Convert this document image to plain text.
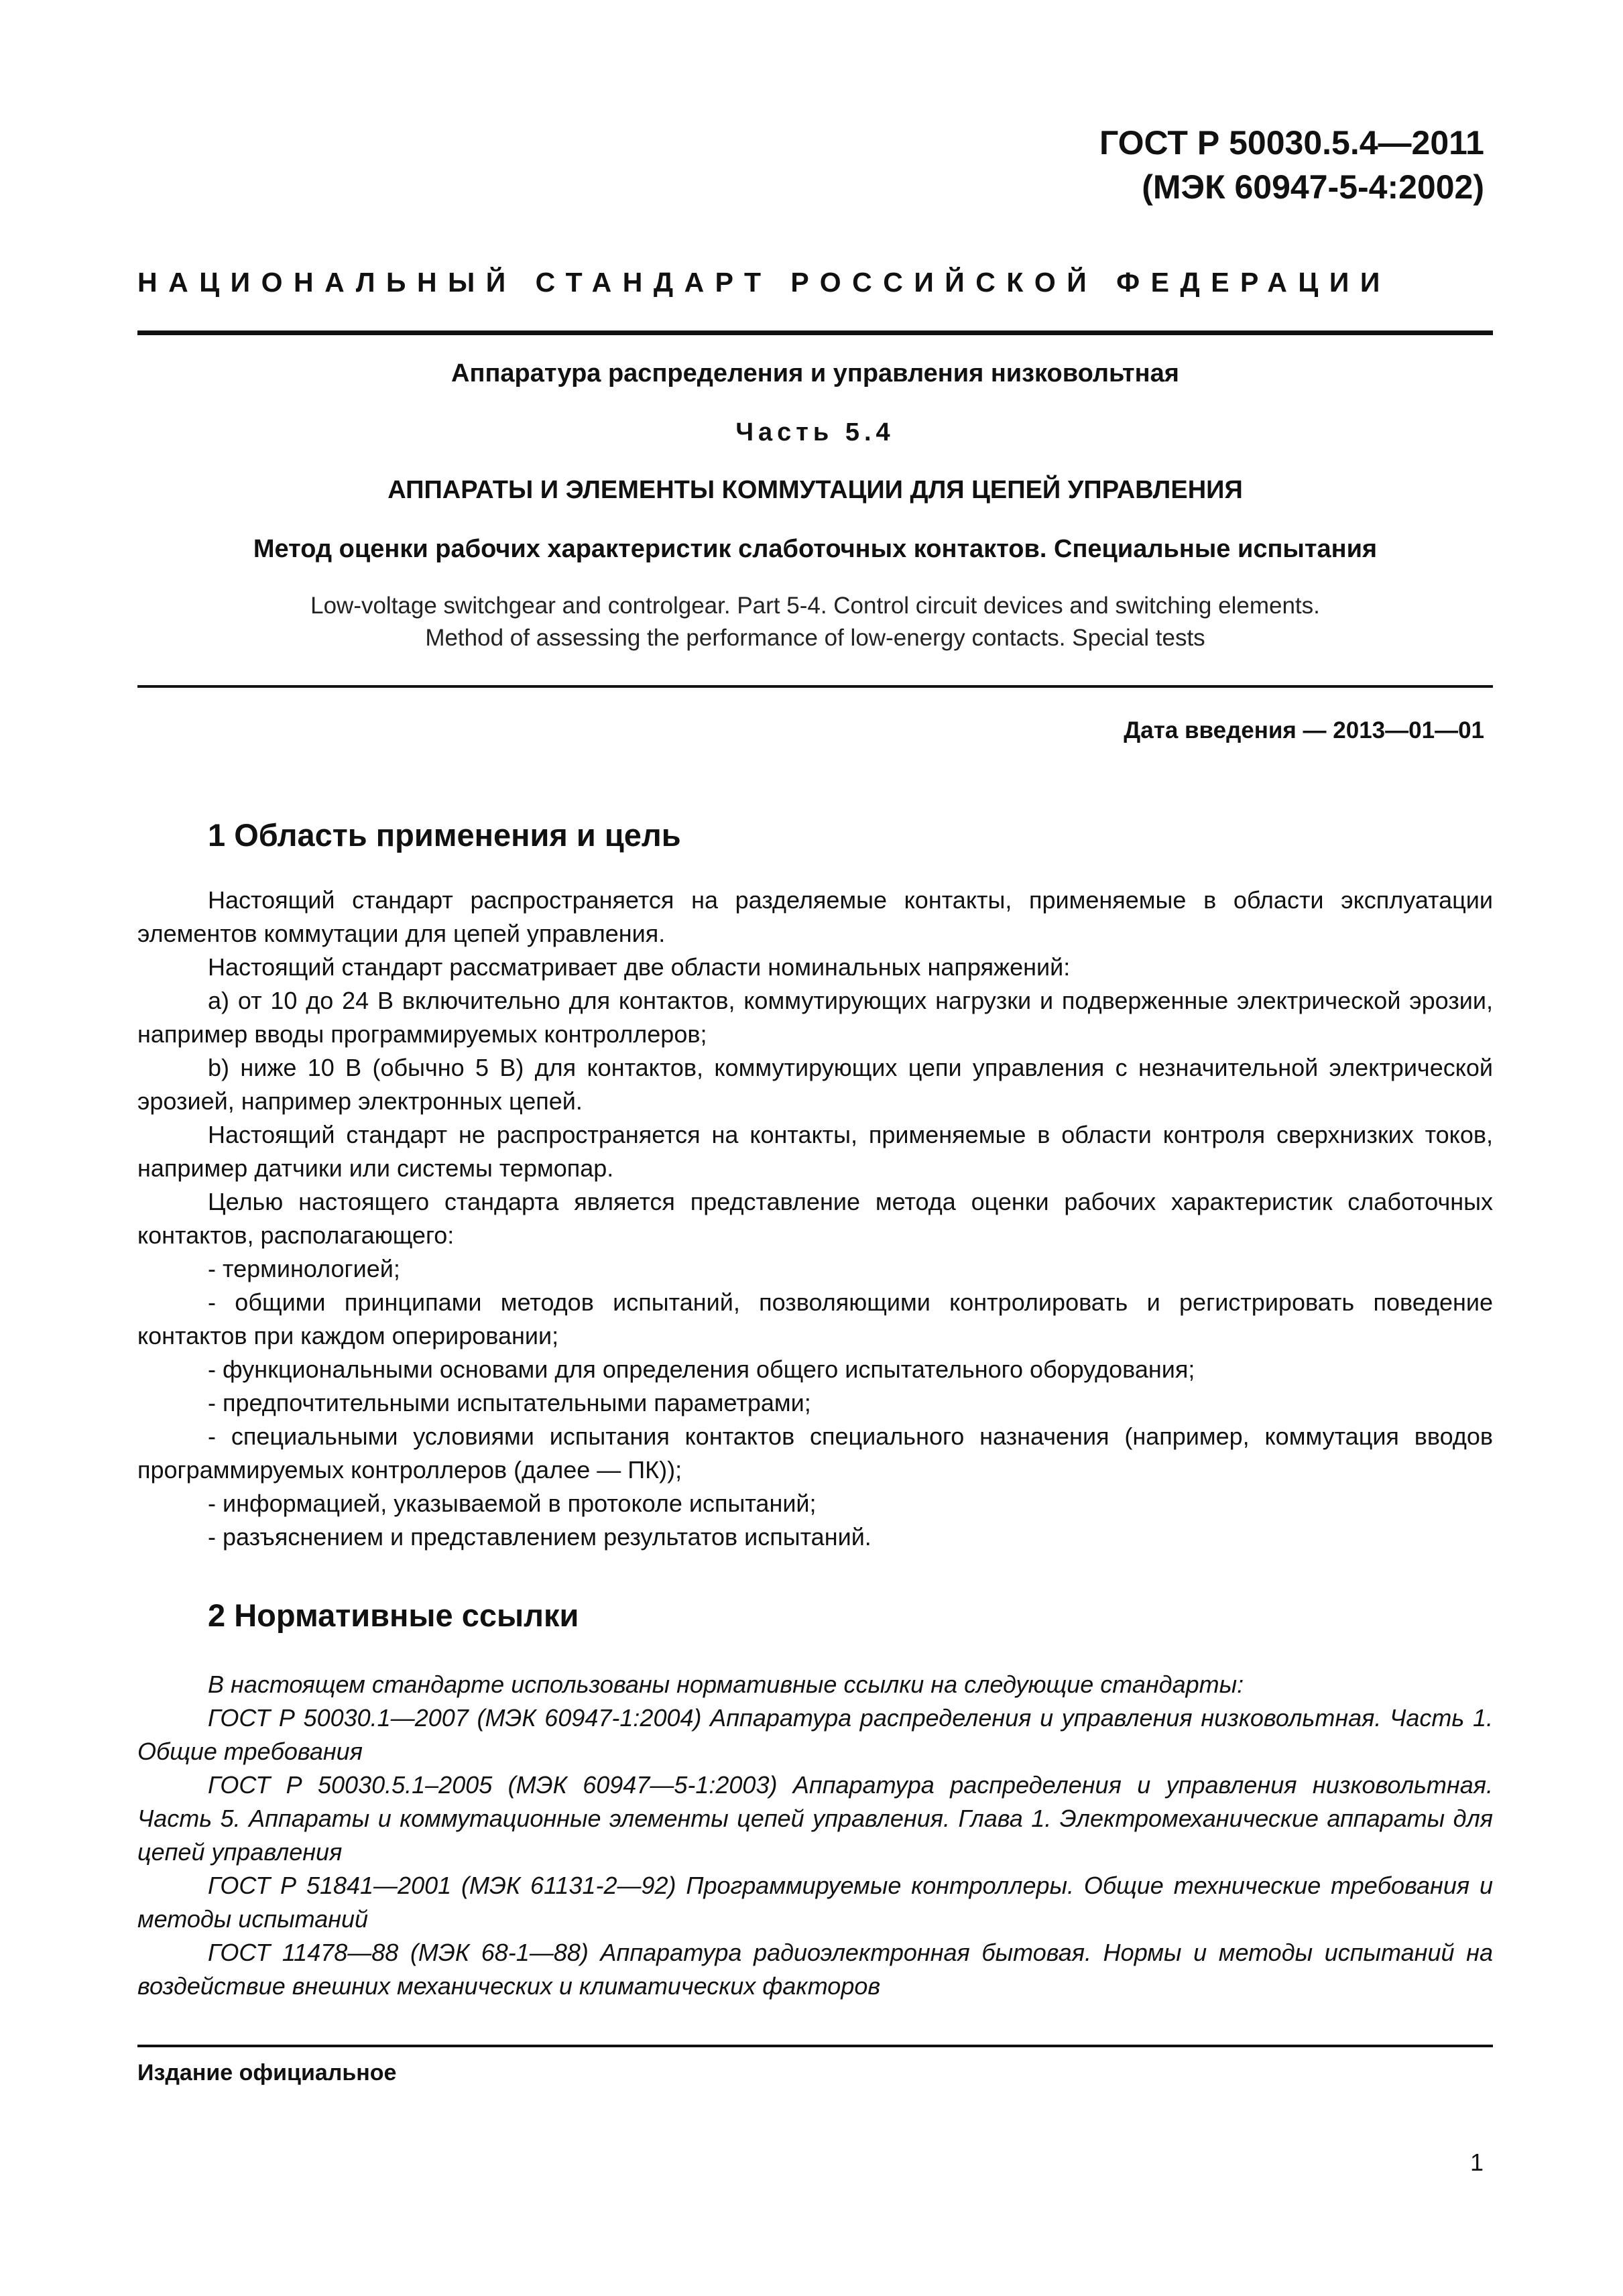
ГОСТ Р 50030.5.4—2011
(МЭК 60947-5-4:2002)
НАЦИОНАЛЬНЫЙ СТАНДАРТ РОССИЙСКОЙ ФЕДЕРАЦИИ
Аппаратура распределения и управления низковольтная
Часть 5.4
АППАРАТЫ И ЭЛЕМЕНТЫ КОММУТАЦИИ ДЛЯ ЦЕПЕЙ УПРАВЛЕНИЯ
Метод оценки рабочих характеристик слаботочных контактов. Специальные испытания
Low-voltage switchgear and controlgear. Part 5-4. Control circuit devices and switching elements.
Method of assessing the performance of low-energy contacts. Special tests
Дата введения — 2013—01—01
1 Область применения и цель

Настоящий стандарт распространяется на разделяемые контакты, применяемые в области эксплуатации элементов коммутации для цепей управления.

Настоящий стандарт рассматривает две области номинальных напряжений:

а) от 10 до 24 В включительно для контактов, коммутирующих нагрузки и подверженные электрической эрозии, например вводы программируемых контроллеров;

b) ниже 10 В (обычно 5 В) для контактов, коммутирующих цепи управления с незначительной электрической эрозией, например электронных цепей.

Настоящий стандарт не распространяется на контакты, применяемые в области контроля сверхнизких токов, например датчики или системы термопар.

Целью настоящего стандарта является представление метода оценки рабочих характеристик слаботочных контактов, располагающего:

- терминологией;

- общими принципами методов испытаний, позволяющими контролировать и регистрировать поведение контактов при каждом оперировании;

- функциональными основами для определения общего испытательного оборудования;

- предпочтительными испытательными параметрами;

- специальными условиями испытания контактов специального назначения (например, коммутация вводов программируемых контроллеров (далее — ПК));

- информацией, указываемой в протоколе испытаний;

- разъяснением и представлением результатов испытаний.

2 Нормативные ссылки

В настоящем стандарте использованы нормативные ссылки на следующие стандарты:

ГОСТ Р 50030.1—2007 (МЭК 60947-1:2004) Аппаратура распределения и управления низковольтная. Часть 1. Общие требования

ГОСТ Р 50030.5.1–2005 (МЭК 60947—5-1:2003) Аппаратура распределения и управления низковольтная. Часть 5. Аппараты и коммутационные элементы цепей управления. Глава 1. Электромеханические аппараты для цепей управления

ГОСТ Р 51841—2001 (МЭК 61131-2—92) Программируемые контроллеры. Общие технические требования и методы испытаний

ГОСТ 11478—88 (МЭК 68-1—88) Аппаратура радиоэлектронная бытовая. Нормы и методы испытаний на воздействие внешних механических и климатических факторов

Издание официальное
1
